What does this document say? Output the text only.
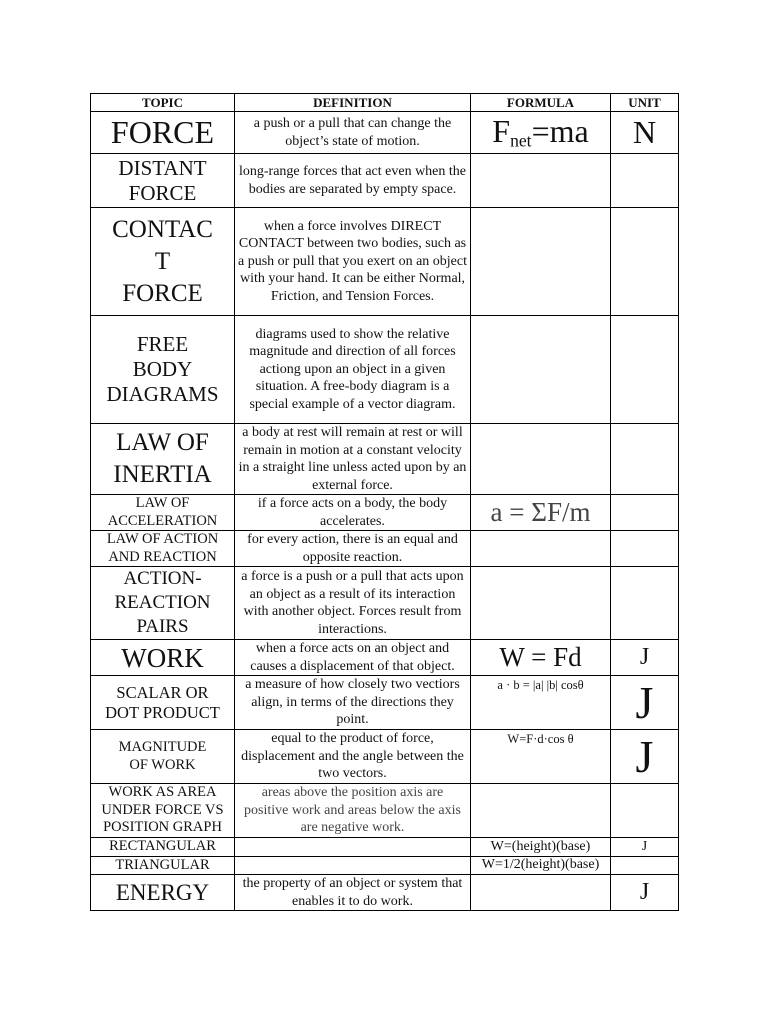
TOPIC	DEFINITION	FORMULA	UNIT

FORCE	a push or a pull that can change the object’s state of motion.	$F_{net}=ma$	N

DISTANT
FORCE	long-range forces that act even when the bodies are separated by empty space.		

CONTAC
T
FORCE	when a force involves DIRECT CONTACT between two bodies, such as a push or pull that you exert on an object with your hand. It can be either Normal, Friction, and Tension Forces.		

FREE
BODY
DIAGRAMS	diagrams used to show the relative magnitude and direction of all forces actiong upon an object in a given situation. A free-body diagram is a special example of a vector diagram.		

LAW OF
INERTIA	a body at rest will remain at rest or will remain in motion at a constant velocity in a straight line unless acted upon by an external force.		

LAW OF
ACCELERATION	if a force acts on a body, the body accelerates.	a = ΣF/m	

LAW OF ACTION
AND REACTION	for every action, there is an equal and opposite reaction.		

ACTION-
REACTION
PAIRS	a force is a push or a pull that acts upon an object as a result of its interaction with another object. Forces result from interactions.		

WORK	when a force acts on an object and causes a displacement of that object.	W = Fd	J

SCALAR OR
DOT PRODUCT	a measure of how closely two vectiors align, in terms of the directions they point.	a · b = |a| |b| cosθ	J

MAGNITUDE
OF WORK	equal to the product of force, displacement and the angle between the two vectors.	W=F·d·cos θ	J

WORK AS AREA
UNDER FORCE VS
POSITION GRAPH	areas above the position axis are positive work and areas below the axis are negative work.		

RECTANGULAR		W=(height)(base)	J

TRIANGULAR		W=1/2(height)(base)	

ENERGY	the property of an object or system that enables it to do work.		J
